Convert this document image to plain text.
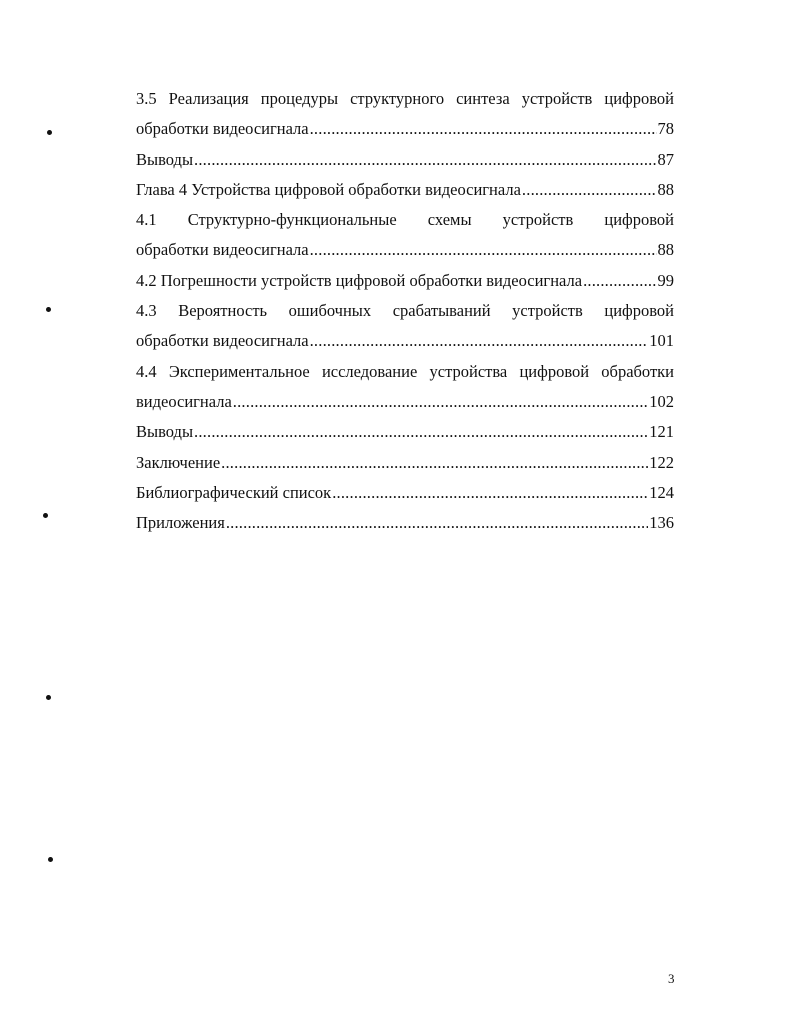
3.5 Реализация процедуры структурного синтеза устройств цифровой
обработки видеосигнала .....	78
Выводы .....	87
Глава 4 Устройства цифровой обработки видеосигнала .....	88
4.1 Структурно-функциональные схемы устройств цифровой
обработки видеосигнала .....	88
4.2 Погрешности устройств цифровой обработки видеосигнала .....	99
4.3 Вероятность ошибочных срабатываний устройств цифровой
обработки видеосигнала .....	101
4.4 Экспериментальное исследование устройства цифровой обработки
видеосигнала .....	102
Выводы .....	121
Заключение .....	122
Библиографический список .....	124
Приложения .....	136
3
